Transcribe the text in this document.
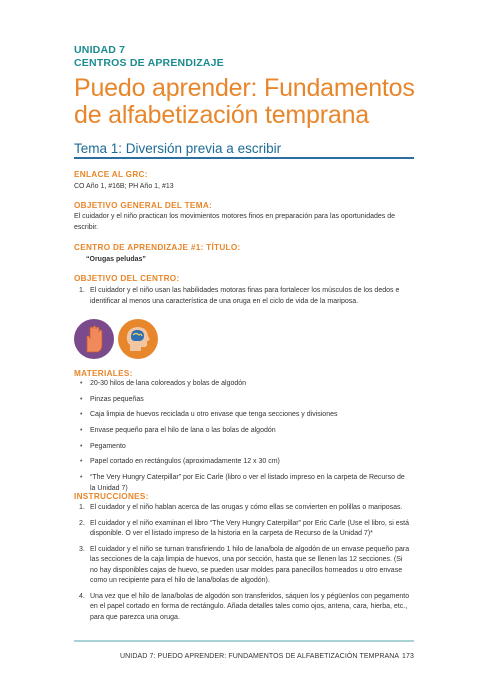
UNIDAD 7
CENTROS DE APRENDIZAJE
Puedo aprender: Fundamentos
de alfabetización temprana
Tema 1: Diversión previa a escribir
ENLACE AL GRC:
CO Año 1, #16B; PH Año 1, #13
OBJETIVO GENERAL DEL TEMA:
El cuidador y el niño practican los movimientos motores finos en preparación para las oportunidades de escribir.
CENTRO DE APRENDIZAJE #1: TÍTULO:
“Orugas peludas”
OBJETIVO DEL CENTRO:
1. El cuidador y el niño usan las habilidades motoras finas para fortalecer los músculos de los dedos e identificar al menos una característica de una oruga en el ciclo de vida de la mariposa.
MATERIALES:
• 20-30 hilos de lana coloreados y bolas de algodón
• Pinzas pequeñas
• Caja limpia de huevos reciclada u otro envase que tenga secciones y divisiones
• Envase pequeño para el hilo de lana o las bolas de algodón
• Pegamento
• Papel cortado en rectángulos (aproximadamente 12 x 30 cm)
• “The Very Hungry Caterpillar” por Eic Carle (libro o ver el listado impreso en la carpeta de Recurso de la Unidad 7)
INSTRUCCIONES:
1. El cuidador y el niño hablan acerca de las orugas y cómo ellas se convierten en polillas o mariposas.
2. El cuidador y el niño examinan el libro “The Very Hungry Caterpillar” por Eric Carle (Use el libro, si está disponible. O ver el listado impreso de la historia en la carpeta de Recurso de la Unidad 7)*
3. El cuidador y el niño se turnan transfiriendo 1 hilo de lana/bola de algodón de un envase pequeño para las secciones de la caja limpia de huevos, una por sección, hasta que se llenen las 12 secciones. (Si no hay disponibles cajas de huevo, se pueden usar moldes para panecillos horneados u otro envase como un recipiente para el hilo de lana/bolas de algodón).
4. Una vez que el hilo de lana/bolas de algodón son transferidos, sáquen los y pégüenlos con pegamento en el papel cortado en forma de rectángulo. Añada detalles tales como ojos, antena, cara, hierba, etc., para que parezca una oruga.
UNIDAD 7: PUEDO APRENDER: FUNDAMENTOS DE ALFABETIZACIÓN TEMPRANA 173
